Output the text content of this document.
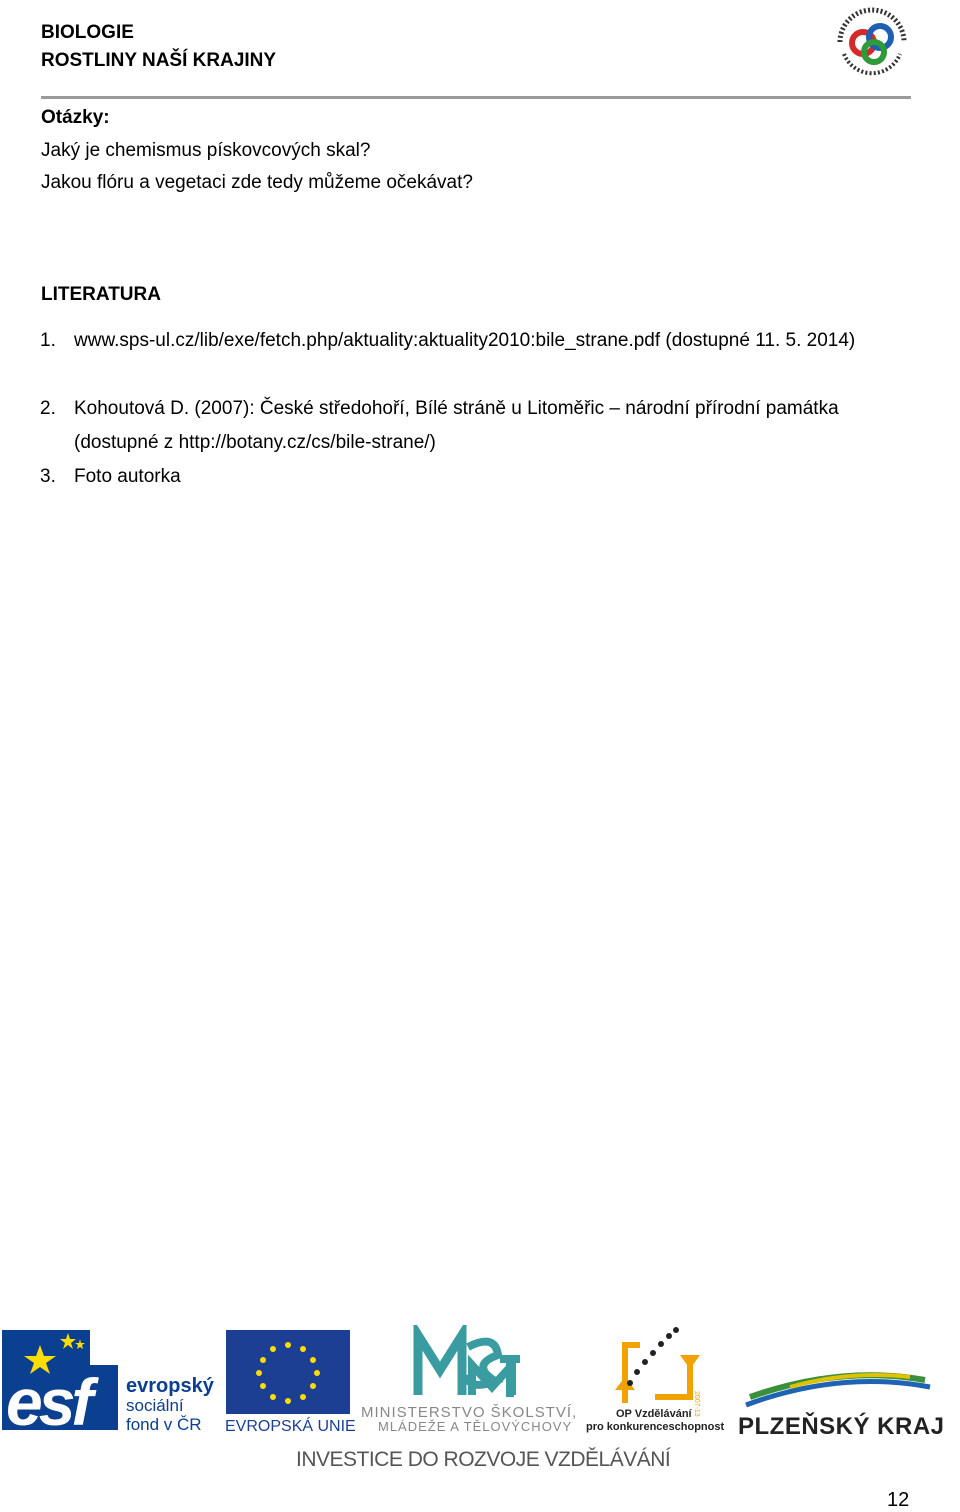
BIOLOGIE
ROSTLINY NAŠÍ KRAJINY
Otázky:
Jaký je chemismus pískovcových skal?
Jakou flóru a vegetaci zde tedy můžeme očekávat?
LITERATURA
1. www.sps-ul.cz/lib/exe/fetch.php/aktuality:aktuality2010:bile_strane.pdf (dostupné 11. 5. 2014)
2. Kohoutová D. (2007): České středohoří, Bílé stráně u Litoměřic – národní přírodní památka (dostupné z http://botany.cz/cs/bile-strane/)
3. Foto autorka
esf	evropský
sociální
fond v ČR EVROPSKÁ UNIE
MINISTERSTVO ŠKOLSTVÍ,
MLÁDEŽE A TĚLOVÝCHOVY
2007-13
OP Vzdělávání
pro konkurenceschopnost PLZEŇSKÝ KRAJ
INVESTICE DO ROZVOJE VZDĚLÁVÁNÍ
12
